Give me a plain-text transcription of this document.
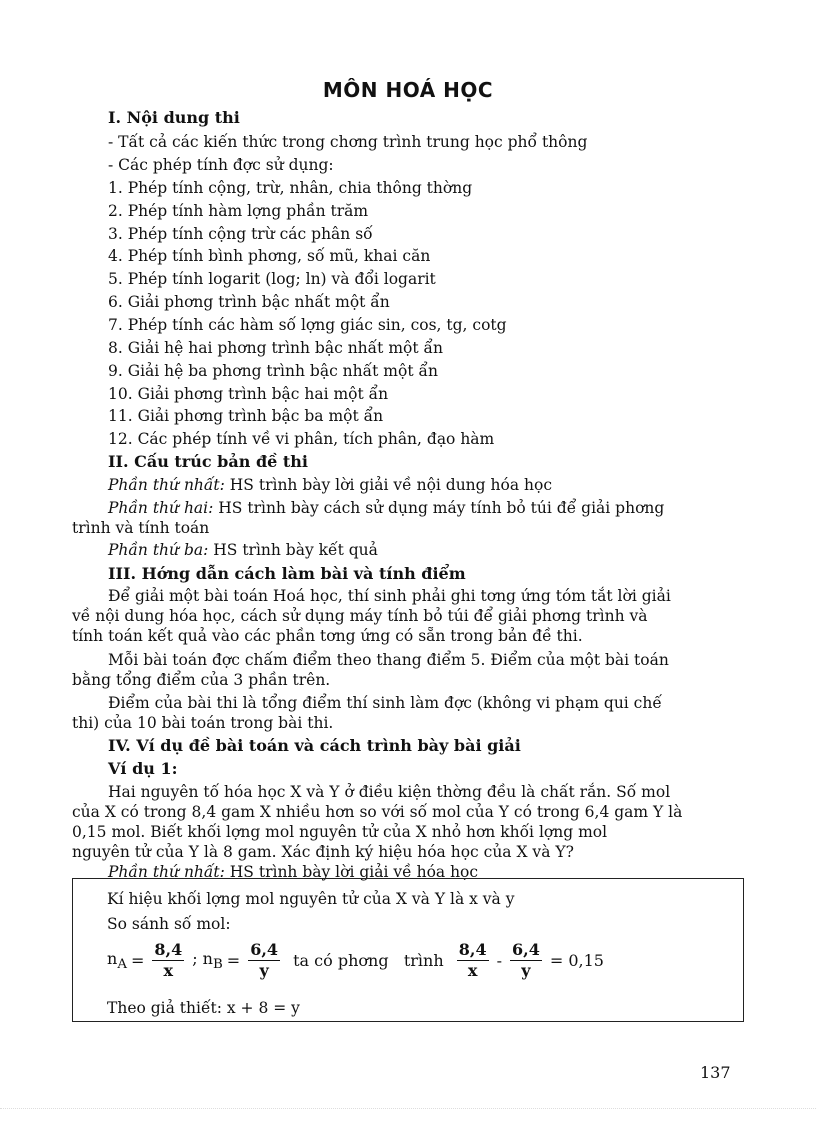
MÔN HOÁ HỌC
I. Nội dung thi
- Tất cả các kiến thức trong chơng trình trung học phổ thông
- Các phép tính đợc sử dụng:
1. Phép tính cộng, trừ, nhân, chia thông thờng
2. Phép tính hàm lợng phần trăm
3. Phép tính cộng trừ các phân số
4. Phép tính bình phơng, số mũ, khai căn
5. Phép tính logarit (log; ln) và đổi logarit
6. Giải phơng trình bậc nhất một ẩn
7. Phép tính các hàm số lợng giác sin, cos, tg, cotg
8. Giải hệ hai phơng trình bậc nhất một ẩn
9. Giải hệ ba phơng trình bậc nhất một ẩn
10. Giải phơng trình bậc hai một ẩn
11. Giải phơng trình bậc ba một ẩn
12. Các phép tính về vi phân, tích phân, đạo hàm
II. Cấu trúc bản đề thi
Phần thứ nhất: HS trình bày lời giải về nội dung hóa học
Phần thứ hai: HS trình bày cách sử dụng máy tính bỏ túi để giải phơng
trình và tính toán
Phần thứ ba: HS trình bày kết quả
III. Hớng dẫn cách làm bài và tính điểm
Để giải một bài toán Hoá học, thí sinh phải ghi tơng ứng tóm tắt lời giải
về nội dung hóa học, cách sử dụng máy tính bỏ túi để giải phơng trình và
tính toán kết quả vào các phần tơng ứng có sẵn trong bản đề thi.
Mỗi bài toán đợc chấm điểm theo thang điểm 5. Điểm của một bài toán
bằng tổng điểm của 3 phần trên.
Điểm của bài thi là tổng điểm thí sinh làm đợc (không vi phạm qui chế
thi) của 10 bài toán trong bài thi.
IV. Ví dụ đề bài toán và cách trình bày bài giải
Ví dụ 1:
Hai nguyên tố hóa học X và Y ở điều kiện thờng đều là chất rắn. Số mol
của X có trong 8,4 gam X nhiều hơn so với số mol của Y có trong 6,4 gam Y là
0,15 mol. Biết khối lợng mol nguyên tử của X nhỏ hơn khối lợng mol
nguyên tử của Y là 8 gam. Xác định ký hiệu hóa học của X và Y?
Phần thứ nhất: HS trình bày lời giải về hóa học
Kí hiệu khối lợng mol nguyên tử của X và Y là x và y
So sánh số mol:
$n_A = \frac{8,4}{x}$ ; $n_B = \frac{6,4}{y}$ ta có phơng   trình $\frac{8,4}{x} - \frac{6,4}{y} = 0,15$
Theo giả thiết: x + 8 = y
137
